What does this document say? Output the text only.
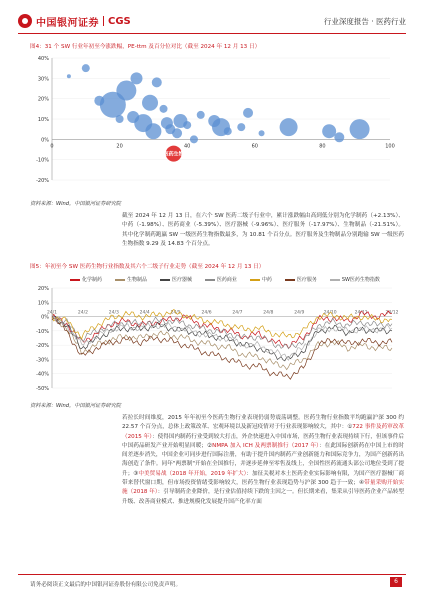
中国银河证券 CGS	行业深度报告 · 医药行业
图4：31 个 SW 行业年初至今涨跌幅，PE-ttm 及百分位对比（截至 2024 年 12 月 13 日）
40%
30%
20%
10%
0%
-10%
-20%
0	20	40	60	80	100
医药生物
资料来源：Wind，中国银河证券研究院
截至 2024 年 12 月 13 日，在六个 SW 医药二级子行业中，累计涨跌幅由高到低分别为化学制药（+2.13%）、中药（-1.98%）、医药商业（-5.39%）、医疗器械（-9.96%）、医疗服务（-17.97%）、生物制品（-21.51%）。其中化学制药跑赢 SW 一级医药生物指数最多，为 10.81 个百分点。医疗服务及生物制品分别跑输 SW 一级医药生物指数 9.29 及 14.83 个百分点。
图5：年初至今 SW 医药生物行业指数及其六个二级子行业走势（截至 2024 年 12 月 13 日）
化学制药	生物制品	医疗器械	医药商业	中药	医疗服务	SW医药生物指数
20%
10%
0%
-10%
-20%
-30%
-40%
-50%
24/1	24/2	24/3	24/4	24/5	24/6	24/7	24/8	24/9	24/10	24/11	24/12
资料来源：Wind，中国银河证券研究院
若拉长时间维度，2015 年年初至今医药生物行业表现仍弱势震荡调整。医药生物行业指数平均跑赢沪深 300 约 22.57 个百分点，总体上政策改革、宏观环境以及新冠疫情对于行业表现影响较大，其中：①722 事件及药审改革（2015 年）：使得国内制药行业受到较大打击，外企快速进入中国市场，医药生物行业表现持续下行，但该事件后中国药品研发产业开始明显回暖；②NMPA 加入 ICH 及两票制推行（2017 年）：在此国际创新药在中国上市的时间差逐步消失，中国企业可同步进行国际注册，有助于提升国内制药产业创新能力和国际竞争力，为国产创新药出海创造了条件。同年"两票制"开始在全国推行，并逐步延伸至零售及线上，全国性医药流通头部公司地位受到了提升；③中美贸易战（2018 年开始，2019 年扩大）：加征关税对本土医药企业实际影响有限，为国产医疗器械厂商带来替代窗口期，但市场投资情绪受影响较大，医药生物行业表现趋势与沪深 300 趋于一致；④带量采购开始实施（2018 年）：引导制药企业降价，是行业估值持续下跌的主因之一。但长期来看，集采从引导医药企业产品转型升级、改善商业模式、推进规模化发展提升国产化率方面
请务必阅读正文最后的中国银河证券股份有限公司免责声明。	6
